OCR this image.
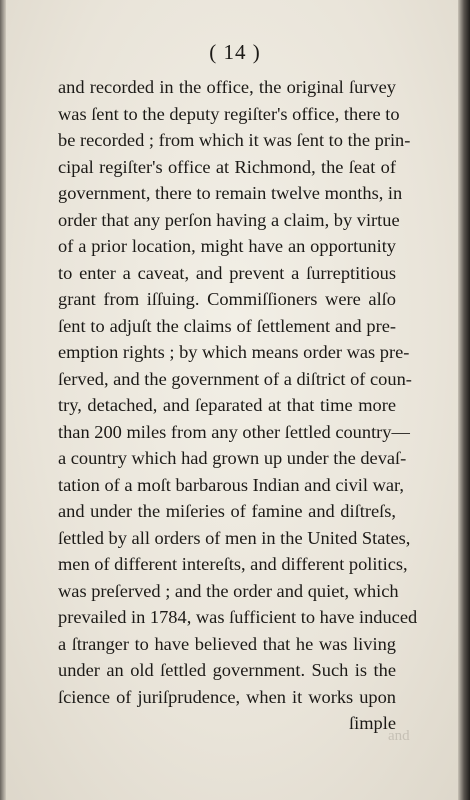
( 14 )
and recorded in the office, the original ſurvey
was ſent to the deputy regiſter's office, there to
be recorded ; from which it was ſent to the prin-
cipal regiſter's office at Richmond, the ſeat of
government, there to remain twelve months, in
order that any perſon having a claim, by virtue
of a prior location, might have an opportunity
to enter a caveat, and prevent a ſurreptitious
grant from iſſuing. Commiſſioners were alſo
ſent to adjuſt the claims of ſettlement and pre-
emption rights ; by which means order was pre-
ſerved, and the government of a diſtrict of coun-
try, detached, and ſeparated at that time more
than 200 miles from any other ſettled country—
a country which had grown up under the devaſ-
tation of a moſt barbarous Indian and civil war,
and under the miſeries of famine and diſtreſs,
ſettled by all orders of men in the United States,
men of different intereſts, and different politics,
was preſerved ; and the order and quiet, which
prevailed in 1784, was ſufficient to have induced
a ſtranger to have believed that he was living
under an old ſettled government. Such is the
ſcience of juriſprudence, when it works upon
ſimple
and
